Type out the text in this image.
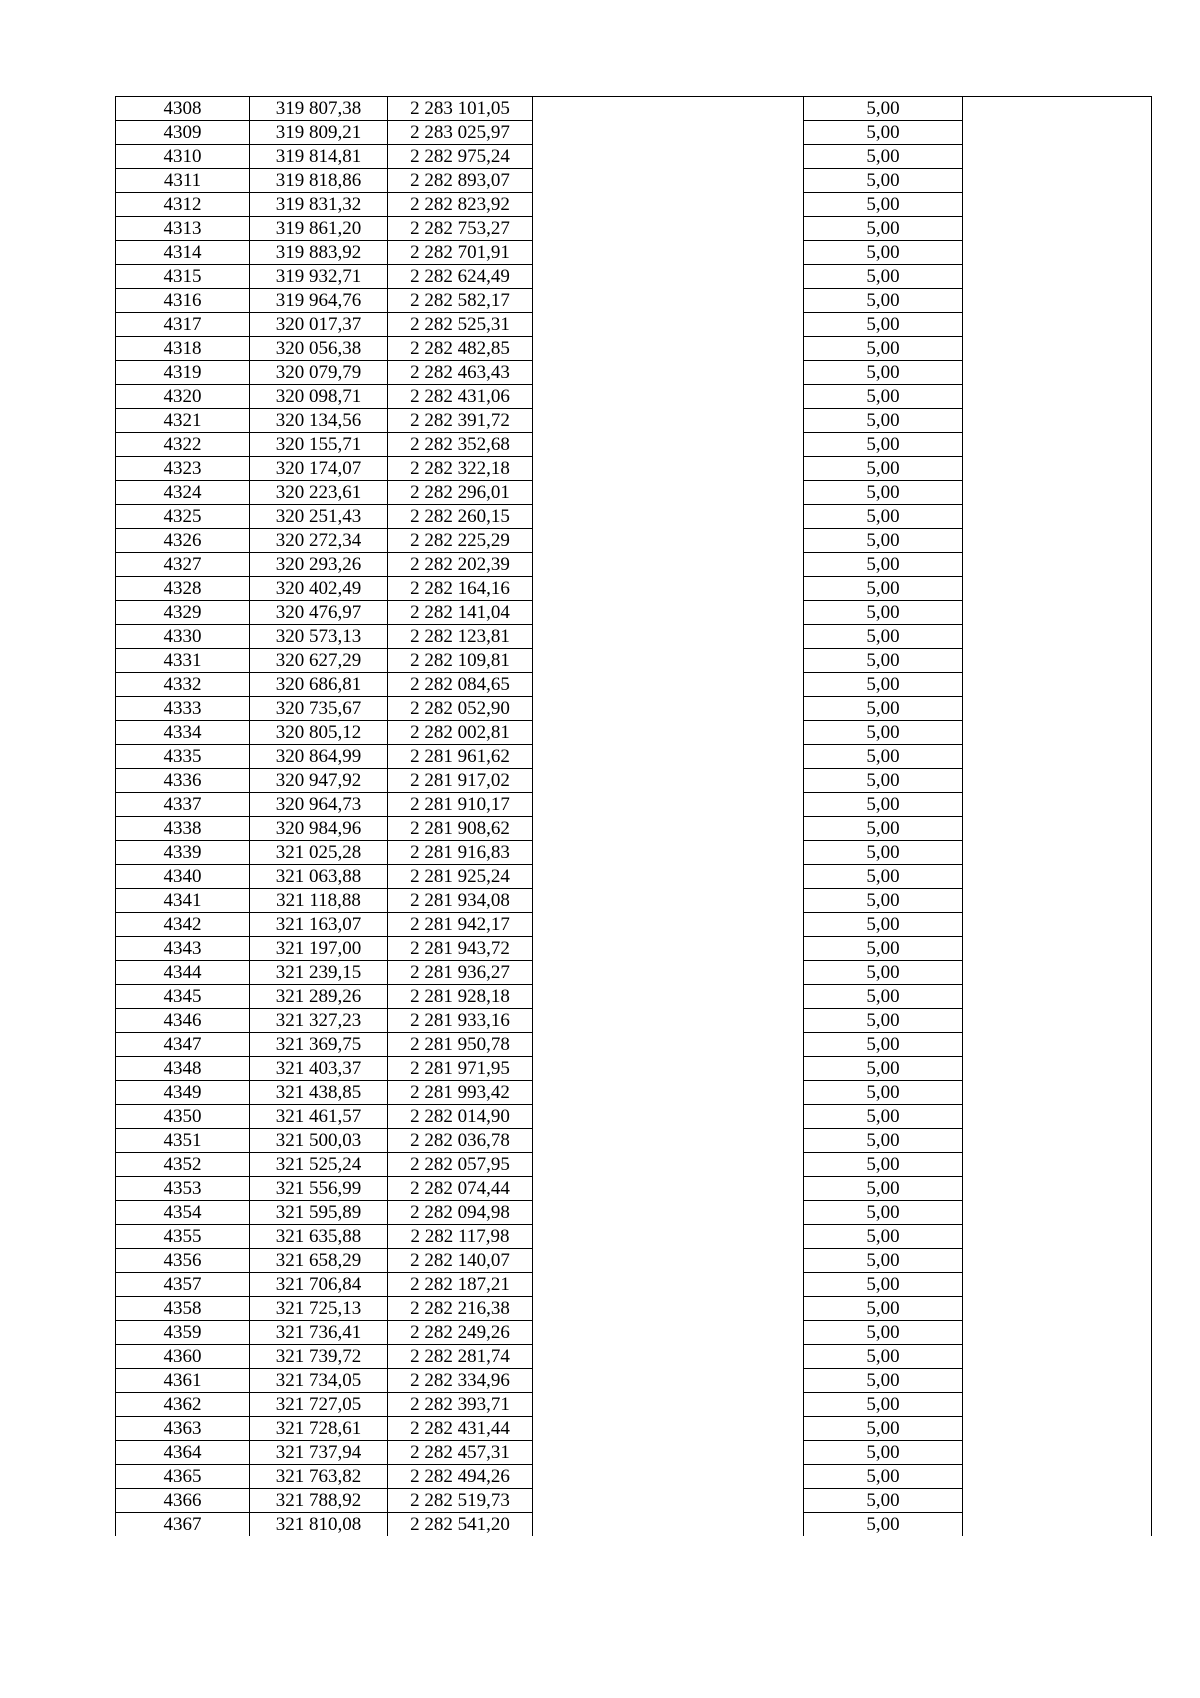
4308	319 807,38	2 283 101,05		5,00	
4309	319 809,21	2 283 025,97		5,00	
4310	319 814,81	2 282 975,24		5,00	
4311	319 818,86	2 282 893,07		5,00	
4312	319 831,32	2 282 823,92		5,00	
4313	319 861,20	2 282 753,27		5,00	
4314	319 883,92	2 282 701,91		5,00	
4315	319 932,71	2 282 624,49		5,00	
4316	319 964,76	2 282 582,17		5,00	
4317	320 017,37	2 282 525,31		5,00	
4318	320 056,38	2 282 482,85		5,00	
4319	320 079,79	2 282 463,43		5,00	
4320	320 098,71	2 282 431,06		5,00	
4321	320 134,56	2 282 391,72		5,00	
4322	320 155,71	2 282 352,68		5,00	
4323	320 174,07	2 282 322,18		5,00	
4324	320 223,61	2 282 296,01		5,00	
4325	320 251,43	2 282 260,15		5,00	
4326	320 272,34	2 282 225,29		5,00	
4327	320 293,26	2 282 202,39		5,00	
4328	320 402,49	2 282 164,16		5,00	
4329	320 476,97	2 282 141,04		5,00	
4330	320 573,13	2 282 123,81		5,00	
4331	320 627,29	2 282 109,81		5,00	
4332	320 686,81	2 282 084,65		5,00	
4333	320 735,67	2 282 052,90		5,00	
4334	320 805,12	2 282 002,81		5,00	
4335	320 864,99	2 281 961,62		5,00	
4336	320 947,92	2 281 917,02		5,00	
4337	320 964,73	2 281 910,17		5,00	
4338	320 984,96	2 281 908,62		5,00	
4339	321 025,28	2 281 916,83		5,00	
4340	321 063,88	2 281 925,24		5,00	
4341	321 118,88	2 281 934,08		5,00	
4342	321 163,07	2 281 942,17		5,00	
4343	321 197,00	2 281 943,72		5,00	
4344	321 239,15	2 281 936,27		5,00	
4345	321 289,26	2 281 928,18		5,00	
4346	321 327,23	2 281 933,16		5,00	
4347	321 369,75	2 281 950,78		5,00	
4348	321 403,37	2 281 971,95		5,00	
4349	321 438,85	2 281 993,42		5,00	
4350	321 461,57	2 282 014,90		5,00	
4351	321 500,03	2 282 036,78		5,00	
4352	321 525,24	2 282 057,95		5,00	
4353	321 556,99	2 282 074,44		5,00	
4354	321 595,89	2 282 094,98		5,00	
4355	321 635,88	2 282 117,98		5,00	
4356	321 658,29	2 282 140,07		5,00	
4357	321 706,84	2 282 187,21		5,00	
4358	321 725,13	2 282 216,38		5,00	
4359	321 736,41	2 282 249,26		5,00	
4360	321 739,72	2 282 281,74		5,00	
4361	321 734,05	2 282 334,96		5,00	
4362	321 727,05	2 282 393,71		5,00	
4363	321 728,61	2 282 431,44		5,00	
4364	321 737,94	2 282 457,31		5,00	
4365	321 763,82	2 282 494,26		5,00	
4366	321 788,92	2 282 519,73		5,00	
4367	321 810,08	2 282 541,20		5,00	
